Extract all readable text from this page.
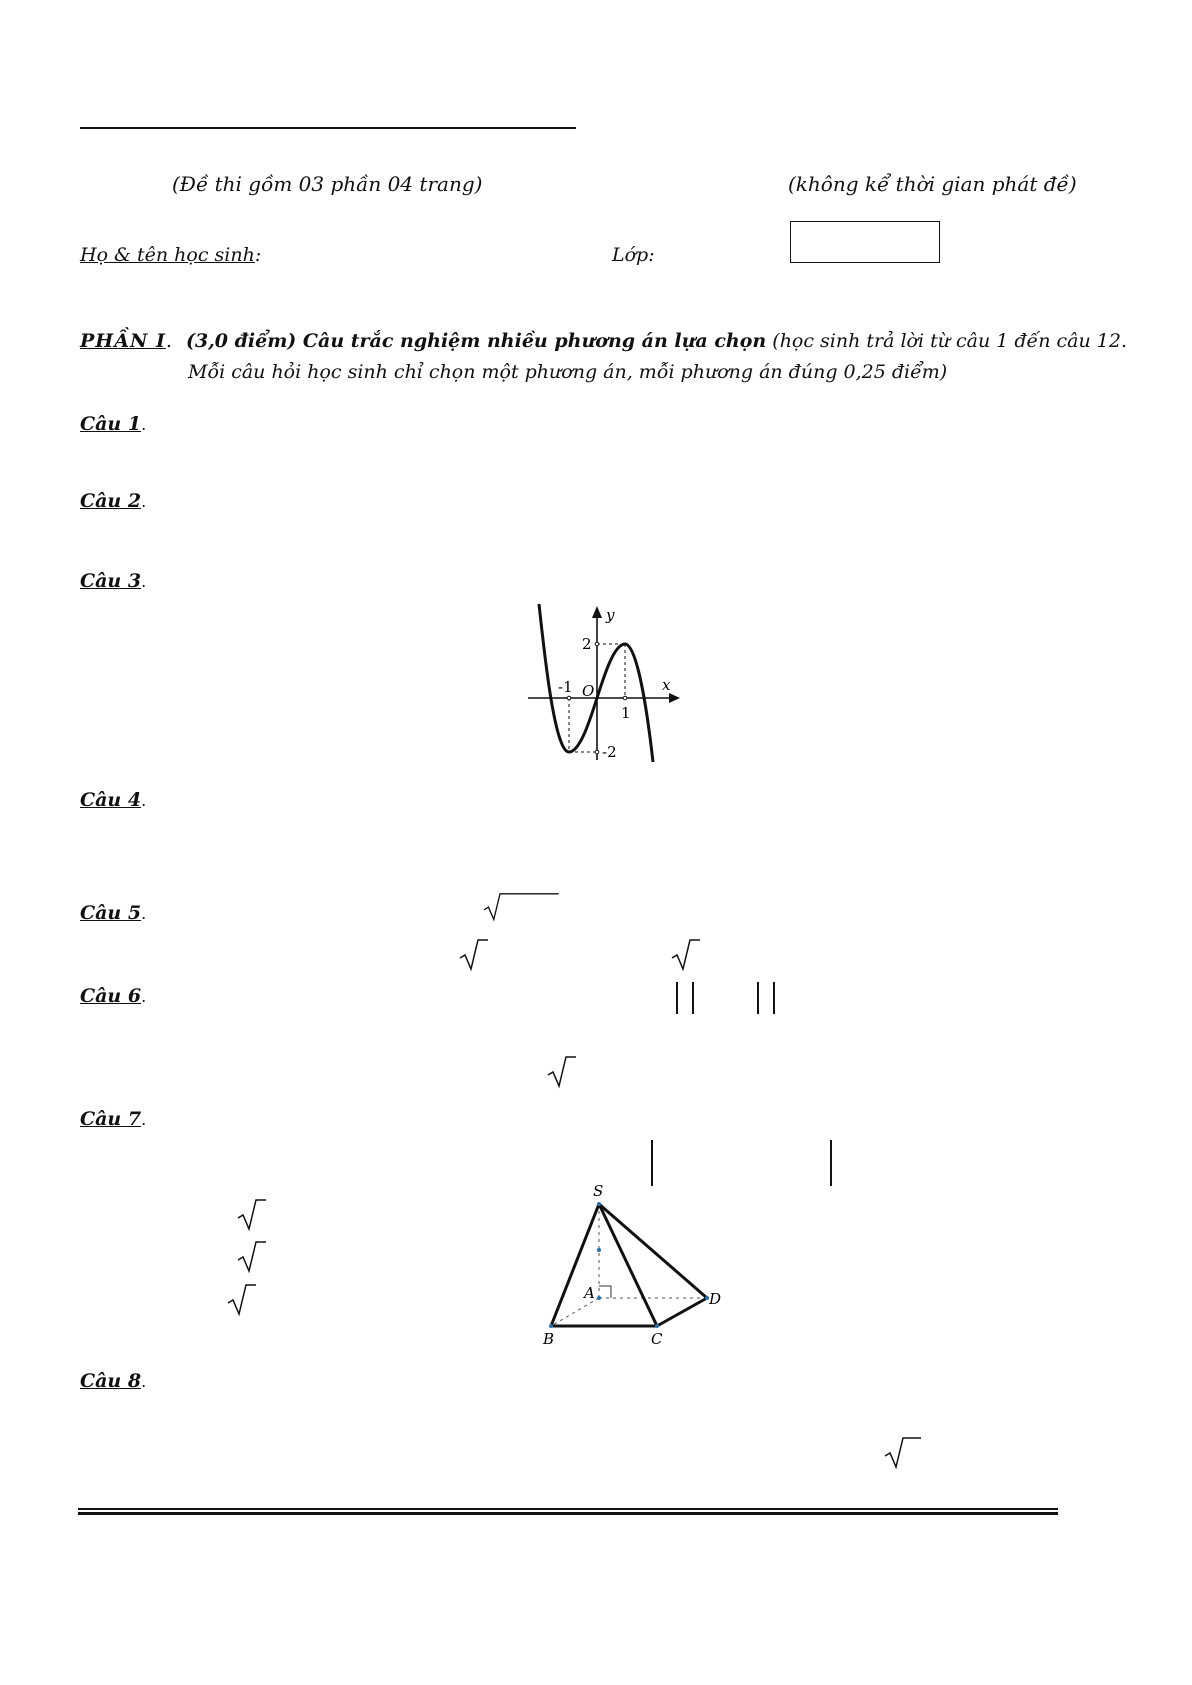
(Đề thi gồm 03 phần 04 trang)	(không kể thời gian phát đề)
Họ & tên học sinh:	Lớp:
PHẦN I. (3,0 điểm) Câu trắc nghiệm nhiều phương án lựa chọn (học sinh trả lời từ câu 1 đến câu 12.
Mỗi câu hỏi học sinh chỉ chọn một phương án, mỗi phương án đúng 0,25 điểm)
Câu 1.
Câu 2.
Câu 3.
Câu 4.
Câu 5.
Câu 6.
Câu 7.
Câu 8.
y
x
O
2
-1
1
-2
S
A
B	C
D
